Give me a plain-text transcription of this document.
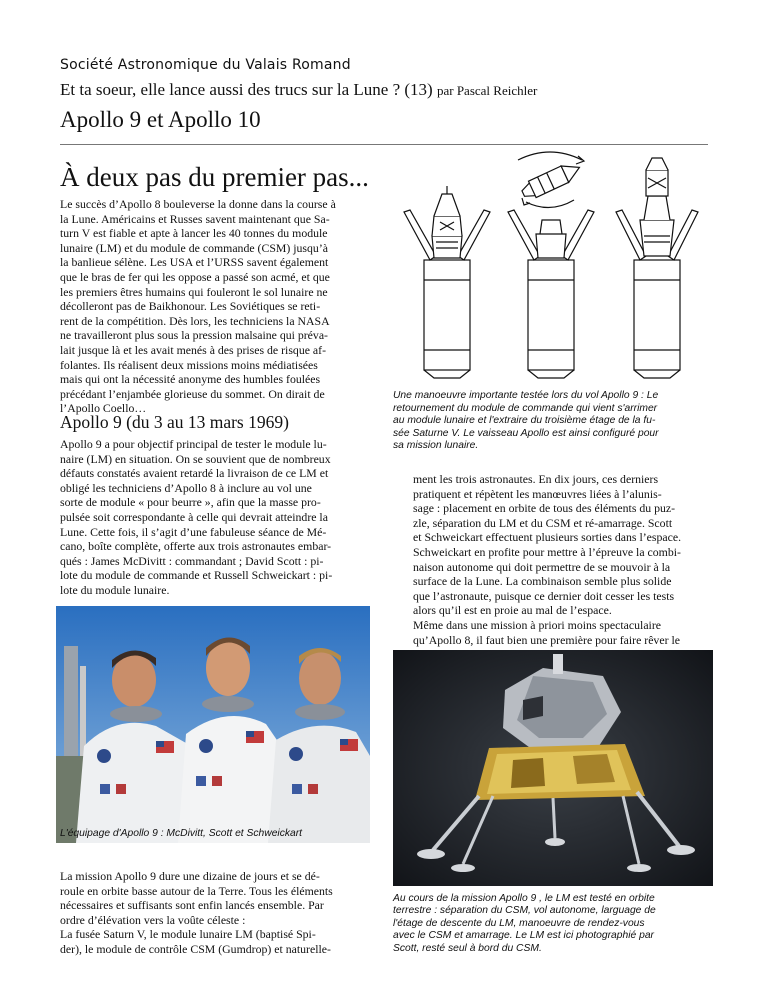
Société Astronomique du Valais Romand
Et ta soeur, elle lance aussi des trucs sur la Lune ? (13) par Pascal Reichler
Apollo 9 et Apollo 10
À deux pas du premier pas...

Le succès d’Apollo 8 bouleverse la donne dans la course à

la Lune. Américains et Russes savent maintenant que Sa-

turn V est fiable et apte à lancer les 40 tonnes du module

lunaire (LM) et du module de commande (CSM) jusqu’à

la banlieue sélène. Les USA et l’URSS savent également

que le bras de fer qui les oppose a passé son acmé, et que

les premiers êtres humains qui fouleront le sol lunaire ne

décolleront pas de Baikhonour. Les Soviétiques se reti-

rent de la compétition. Dès lors, les techniciens la NASA

ne travailleront plus sous la pression malsaine qui préva-

lait jusque là et les avait menés à des prises de risque af-

folantes. Ils réalisent deux missions moins médiatisées

mais qui ont la nécessité anonyme des humbles foulées

précédant l’enjambée glorieuse du sommet. On dirait de

l’Apollo Coello…

Apollo 9 (du 3 au 13 mars 1969)

Apollo 9 a pour objectif principal de tester le module lu-

naire (LM) en situation. On se souvient que de nombreux

défauts constatés avaient retardé la livraison de ce LM et

obligé les techniciens d’Apollo 8 à inclure au vol une

sorte de module « pour beurre », afin que la masse pro-

pulsée soit correspondante à celle qui devrait atteindre la

Lune. Cette fois, il s’agit d’une fabuleuse séance de Mé-

cano, boîte complète, offerte aux trois astronautes embar-

qués : James McDivitt : commandant ; David Scott : pi-

lote du module de commande et Russell Schweickart : pi-

lote du module lunaire.

L'équipage d'Apollo 9 : McDivitt, Scott et Schweickart

La mission Apollo 9 dure une dizaine de jours et se dé-

roule en orbite basse autour de la Terre. Tous les éléments

nécessaires et suffisants sont enfin lancés ensemble. Par

ordre d’élévation vers la voûte céleste :

La fusée Saturn V, le module lunaire LM (baptisé Spi-

der), le module de contrôle CSM (Gumdrop) et naturelle-

Une manoeuvre importante testée lors du vol Apollo 9 : Le
retournement du module de commande qui vient s'arrimer
au module lunaire et l'extraire du troisième étage de la fu-
sée Saturne V. Le vaisseau Apollo est ainsi configuré pour
sa mission lunaire.

ment les trois astronautes. En dix jours, ces derniers

pratiquent et répètent les manœuvres liées à l’alunis-

sage : placement en orbite de tous des éléments du puz-

zle, séparation du LM et du CSM et ré-amarrage. Scott

et Schweickart effectuent plusieurs sorties dans l’espace.

Schweickart en profite pour mettre à l’épreuve la combi-

naison autonome qui doit permettre de se mouvoir à la

surface de la Lune. La combinaison semble plus solide

que l’astronaute, puisque ce dernier doit cesser les tests

alors qu’il est en proie au mal de l’espace.

Même dans une mission à priori moins spectaculaire

qu’Apollo 8, il faut bien une première pour faire rêver le

Au cours de la mission Apollo 9 , le LM est testé en orbite
terrestre : séparation du CSM, vol autonome, larguage de
l'étage de descente du LM, manoeuvre de rendez-vous
avec le CSM et amarrage. Le LM est ici photographié par
Scott, resté seul à bord du CSM.
